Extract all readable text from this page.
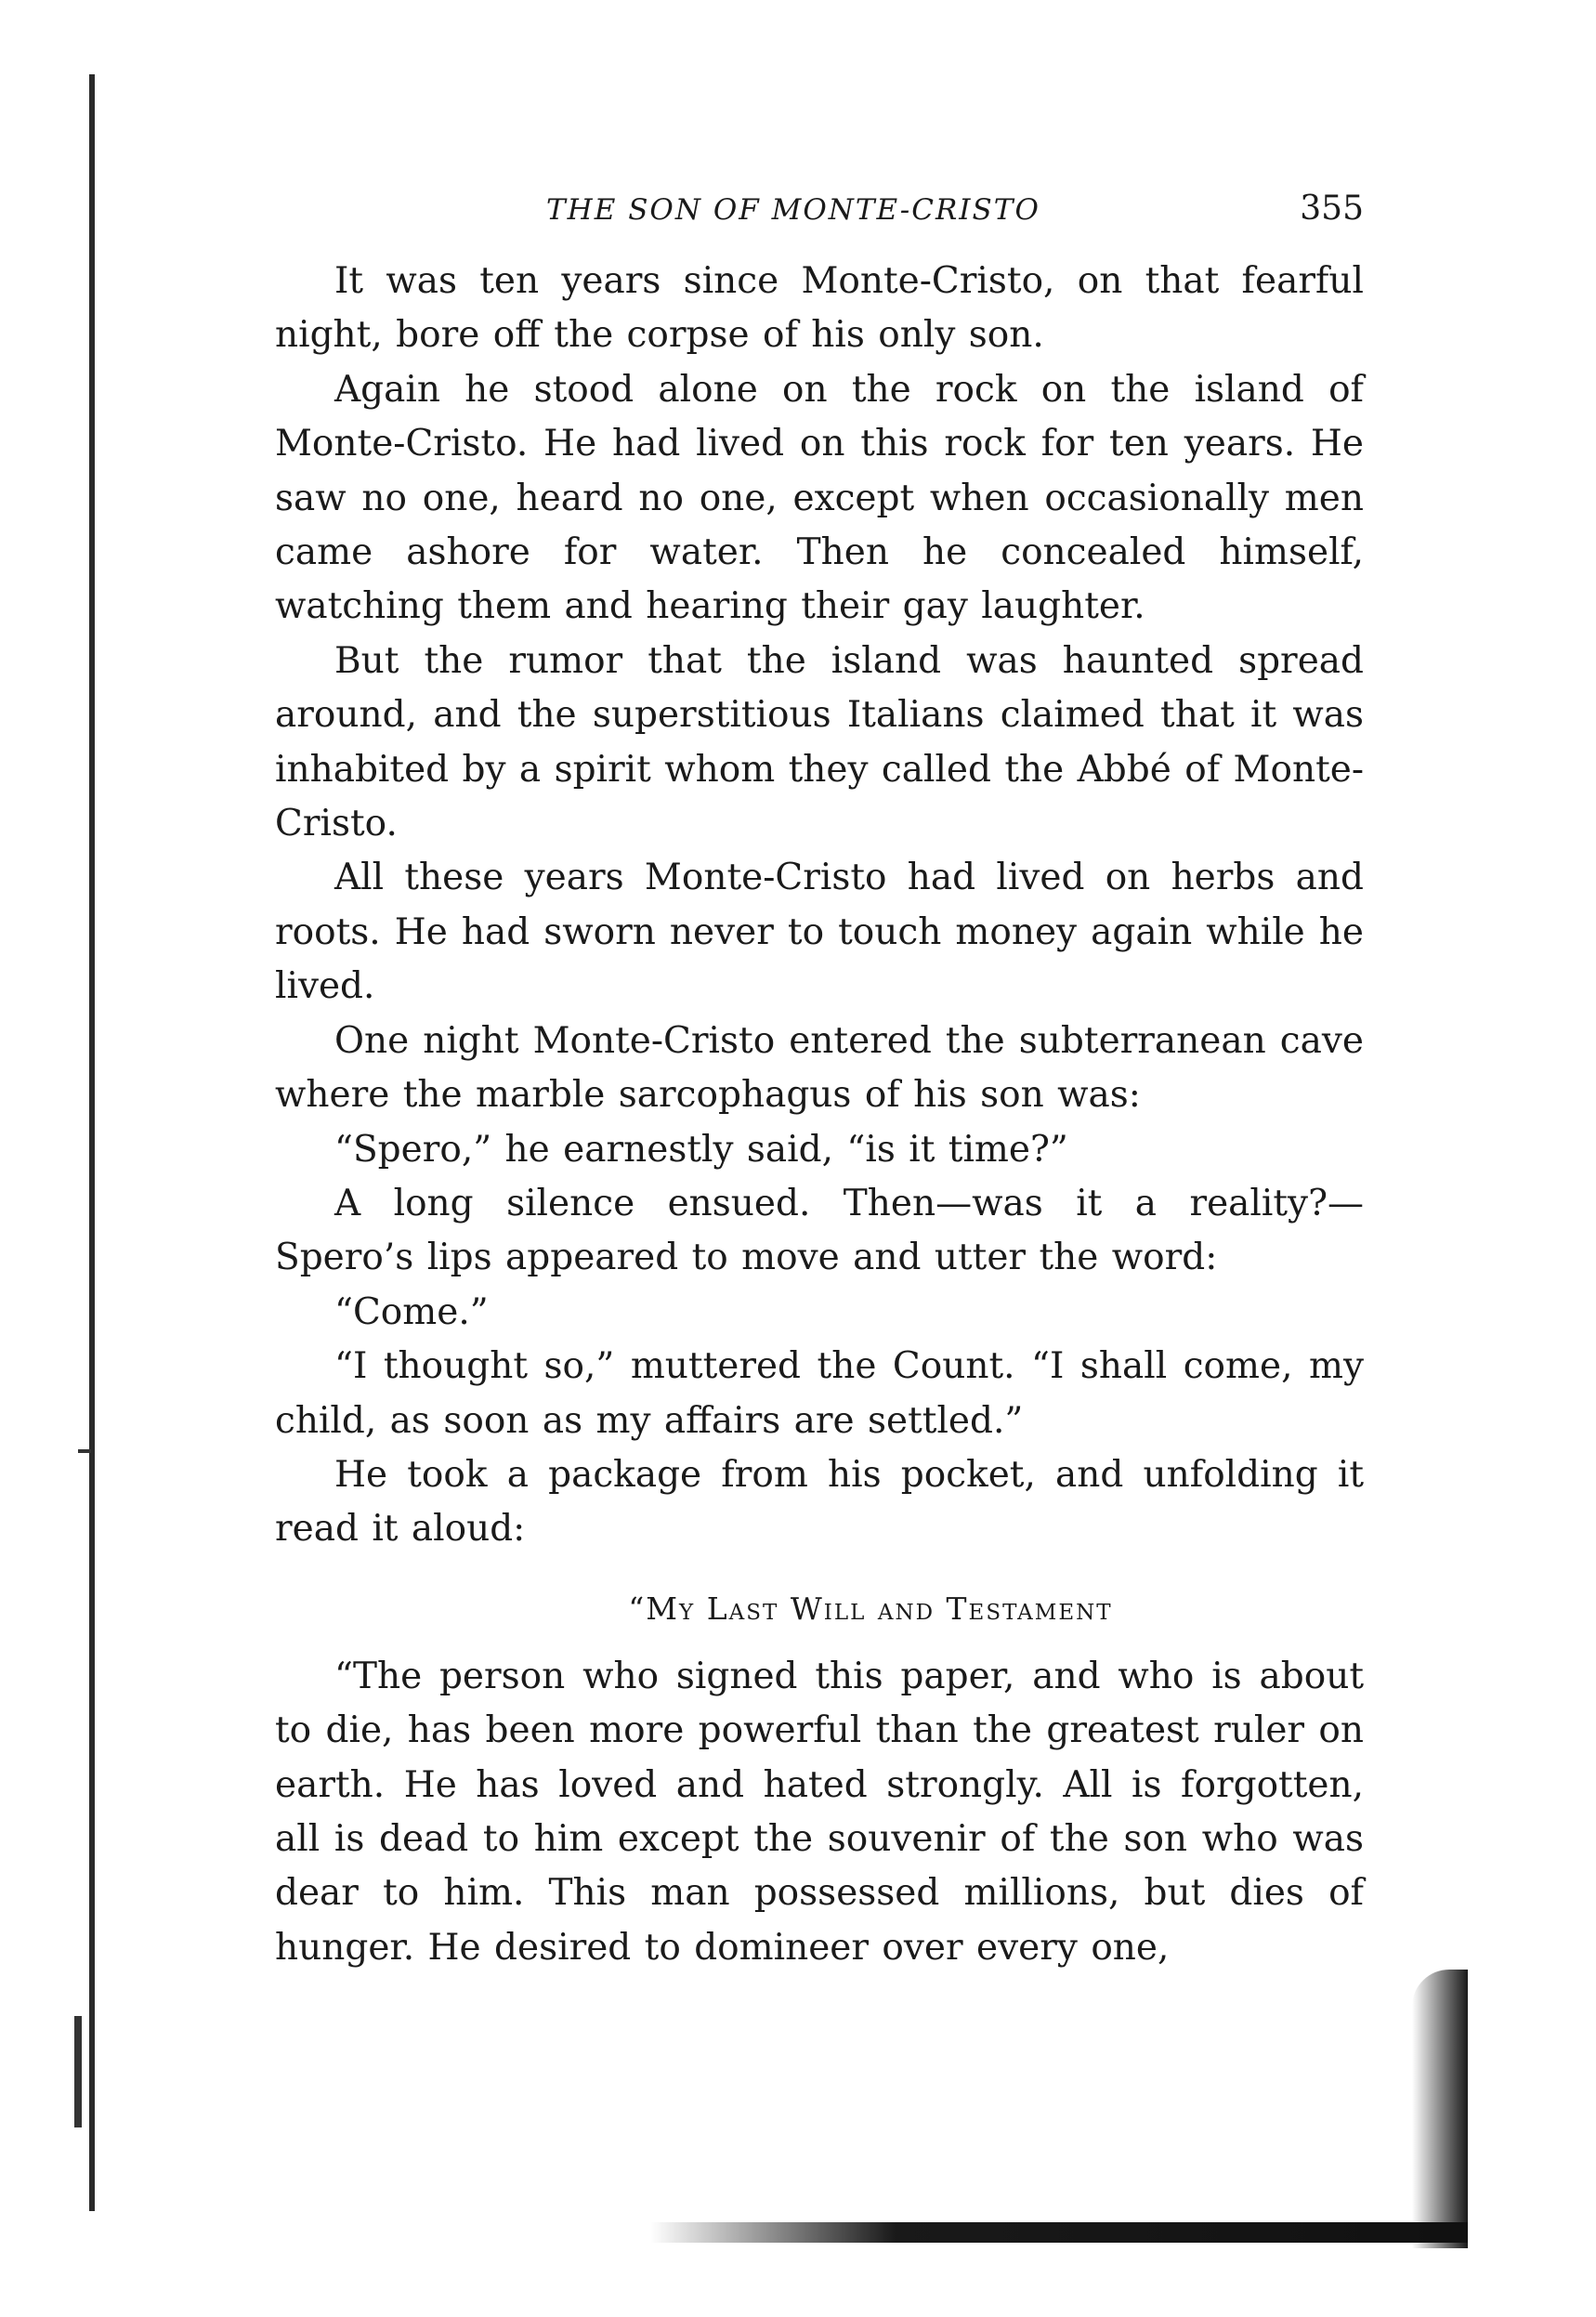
THE SON OF MONTE-CRISTO	355

It was ten years since Monte-Cristo, on that fearful night, bore off the corpse of his only son.

Again he stood alone on the rock on the island of Monte-Cristo. He had lived on this rock for ten years. He saw no one, heard no one, except when occasionally men came ashore for water. Then he concealed himself, watching them and hearing their gay laughter.

But the rumor that the island was haunted spread around, and the superstitious Italians claimed that it was inhabited by a spirit whom they called the Abbé of Monte-Cristo.

All these years Monte-Cristo had lived on herbs and roots. He had sworn never to touch money again while he lived.

One night Monte-Cristo entered the subterranean cave where the marble sarcophagus of his son was:

“Spero,” he earnestly said, “is it time?”

A long silence ensued. Then—was it a reality?—Spero’s lips appeared to move and utter the word:

“Come.”

“I thought so,” muttered the Count. “I shall come, my child, as soon as my affairs are settled.”

He took a package from his pocket, and unfolding it read it aloud:

“My Last Will and Testament

“The person who signed this paper, and who is about to die, has been more powerful than the greatest ruler on earth. He has loved and hated strongly. All is forgotten, all is dead to him except the souvenir of the son who was dear to him. This man possessed millions, but dies of hunger. He desired to domineer over every one,
